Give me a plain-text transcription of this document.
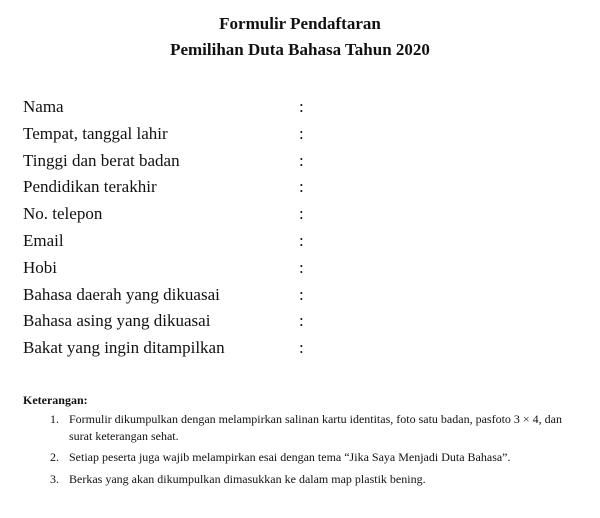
Formulir Pendaftaran
Pemilihan Duta Bahasa Tahun 2020
Nama	:
Tempat, tanggal lahir	:
Tinggi dan berat badan	:
Pendidikan terakhir	:
No. telepon	:
Email	:
Hobi	:
Bahasa daerah yang dikuasai	:
Bahasa asing yang dikuasai	:
Bakat yang ingin ditampilkan	:
Keterangan:
1. Formulir dikumpulkan dengan melampirkan salinan kartu identitas, foto satu badan, pasfoto 3 × 4, dan surat keterangan sehat.
2. Setiap peserta juga wajib melampirkan esai dengan tema “Jika Saya Menjadi Duta Bahasa”.
3. Berkas yang akan dikumpulkan dimasukkan ke dalam map plastik bening.
